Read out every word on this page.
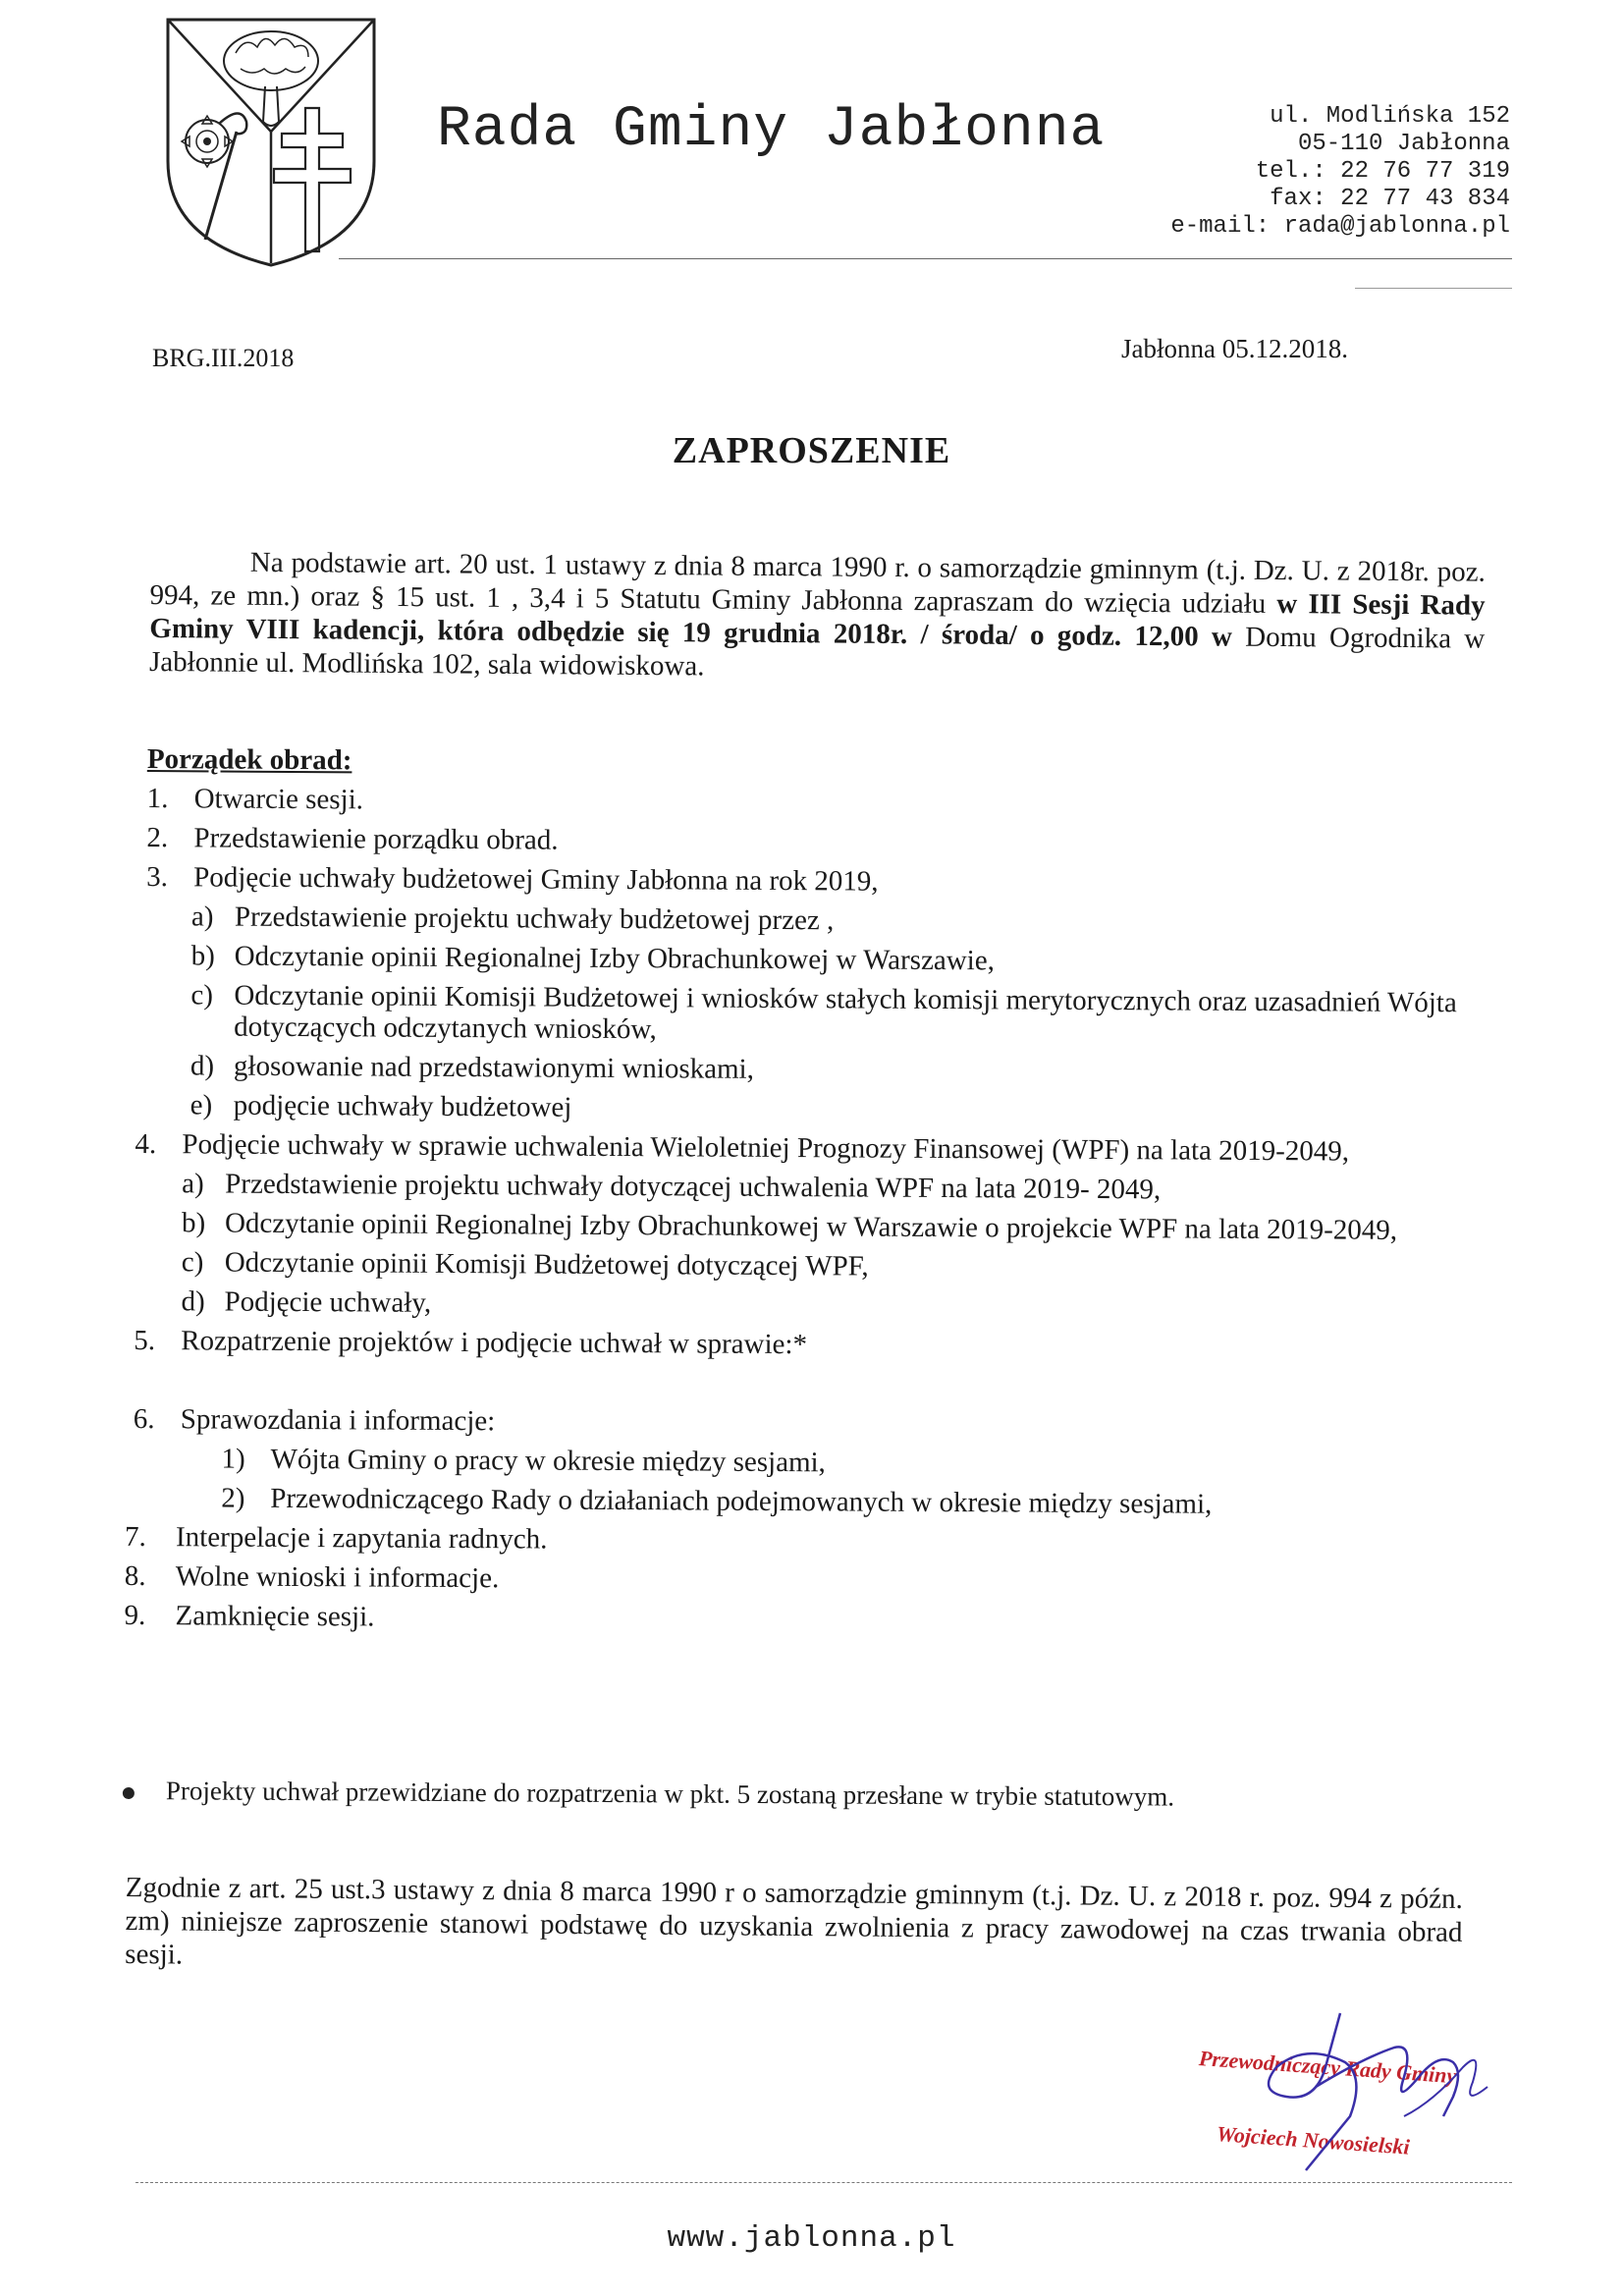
Rada Gminy Jabłonna	ul. Modlińska 152
05-110 Jabłonna
tel.: 22 76 77 319
fax: 22 77 43 834
e-mail: rada@jablonna.pl
BRG.III.2018	Jabłonna 05.12.2018.
ZAPROSZENIE

Na podstawie art. 20 ust. 1 ustawy z dnia 8 marca 1990 r. o samorządzie gminnym (t.j. Dz. U. z 2018r. poz. 994, ze mn.) oraz § 15 ust. 1 , 3,4 i 5 Statutu Gminy Jabłonna zapraszam do wzięcia udziału w III Sesji Rady Gminy VIII kadencji, która odbędzie się 19 grudnia 2018r. / środa/ o godz. 12,00 w Domu Ogrodnika w Jabłonnie ul. Modlińska 102, sala widowiskowa.

Porządek obrad:
1. Otwarcie sesji.
2. Przedstawienie porządku obrad.
3. Podjęcie uchwały budżetowej Gminy Jabłonna na rok 2019,
a) Przedstawienie projektu uchwały budżetowej przez ,
b) Odczytanie opinii Regionalnej Izby Obrachunkowej w Warszawie,
c) Odczytanie opinii Komisji Budżetowej i wniosków stałych komisji merytorycznych oraz uzasadnień Wójta dotyczących odczytanych wniosków,
d) głosowanie nad przedstawionymi wnioskami,
e) podjęcie uchwały budżetowej
4. Podjęcie uchwały w sprawie uchwalenia Wieloletniej Prognozy Finansowej (WPF) na lata 2019-2049,
a) Przedstawienie projektu uchwały dotyczącej uchwalenia WPF na lata 2019- 2049,
b) Odczytanie opinii Regionalnej Izby Obrachunkowej w Warszawie o projekcie WPF na lata 2019-2049,
c) Odczytanie opinii Komisji Budżetowej dotyczącej WPF,
d) Podjęcie uchwały,
5. Rozpatrzenie projektów i podjęcie uchwał w sprawie:*
6. Sprawozdania i informacje:
1) Wójta Gminy o pracy w okresie między sesjami,
2) Przewodniczącego Rady o działaniach podejmowanych w okresie między sesjami,
7. Interpelacje i zapytania radnych.
8. Wolne wnioski i informacje.
9. Zamknięcie sesji.
Projekty uchwał przewidziane do rozpatrzenia w pkt. 5 zostaną przesłane w trybie statutowym.

Zgodnie z art. 25 ust.3 ustawy z dnia 8 marca 1990 r o samorządzie gminnym (t.j. Dz. U. z 2018 r. poz. 994 z późn. zm) niniejsze zaproszenie stanowi podstawę do uzyskania zwolnienia z pracy zawodowej na czas trwania obrad sesji.

Przewodniczący Rady Gminy
Wojciech Nowosielski
www.jablonna.pl
